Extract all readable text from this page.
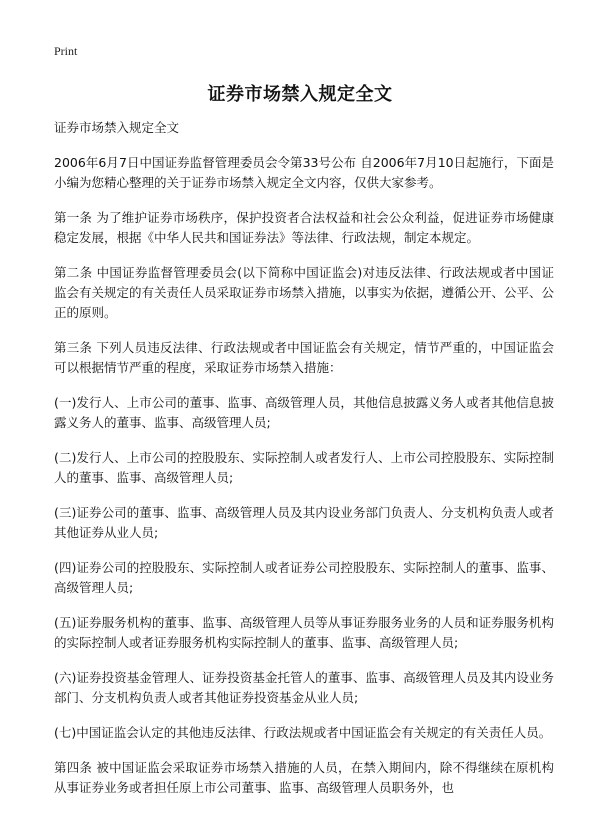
Print
证券市场禁入规定全文

证券市场禁入规定全文

2006年6月7日中国证券监督管理委员会令第33号公布 自2006年7月10日起施行，下面是小编为您精心整理的关于证券市场禁入规定全文内容，仅供大家参考。

第一条 为了维护证券市场秩序，保护投资者合法权益和社会公众利益，促进证券市场健康稳定发展，根据《中华人民共和国证券法》等法律、行政法规，制定本规定。

第二条 中国证券监督管理委员会(以下简称中国证监会)对违反法律、行政法规或者中国证监会有关规定的有关责任人员采取证券市场禁入措施，以事实为依据，遵循公开、公平、公正的原则。

第三条 下列人员违反法律、行政法规或者中国证监会有关规定，情节严重的，中国证监会可以根据情节严重的程度，采取证券市场禁入措施：

(一)发行人、上市公司的董事、监事、高级管理人员，其他信息披露义务人或者其他信息披露义务人的董事、监事、高级管理人员;

(二)发行人、上市公司的控股股东、实际控制人或者发行人、上市公司控股股东、实际控制人的董事、监事、高级管理人员;

(三)证券公司的董事、监事、高级管理人员及其内设业务部门负责人、分支机构负责人或者其他证券从业人员;

(四)证券公司的控股股东、实际控制人或者证券公司控股股东、实际控制人的董事、监事、高级管理人员;

(五)证券服务机构的董事、监事、高级管理人员等从事证券服务业务的人员和证券服务机构的实际控制人或者证券服务机构实际控制人的董事、监事、高级管理人员;

(六)证券投资基金管理人、证券投资基金托管人的董事、监事、高级管理人员及其内设业务部门、分支机构负责人或者其他证券投资基金从业人员;

(七)中国证监会认定的其他违反法律、行政法规或者中国证监会有关规定的有关责任人员。

第四条 被中国证监会采取证券市场禁入措施的人员，在禁入期间内，除不得继续在原机构从事证券业务或者担任原上市公司董事、监事、高级管理人员职务外，也
